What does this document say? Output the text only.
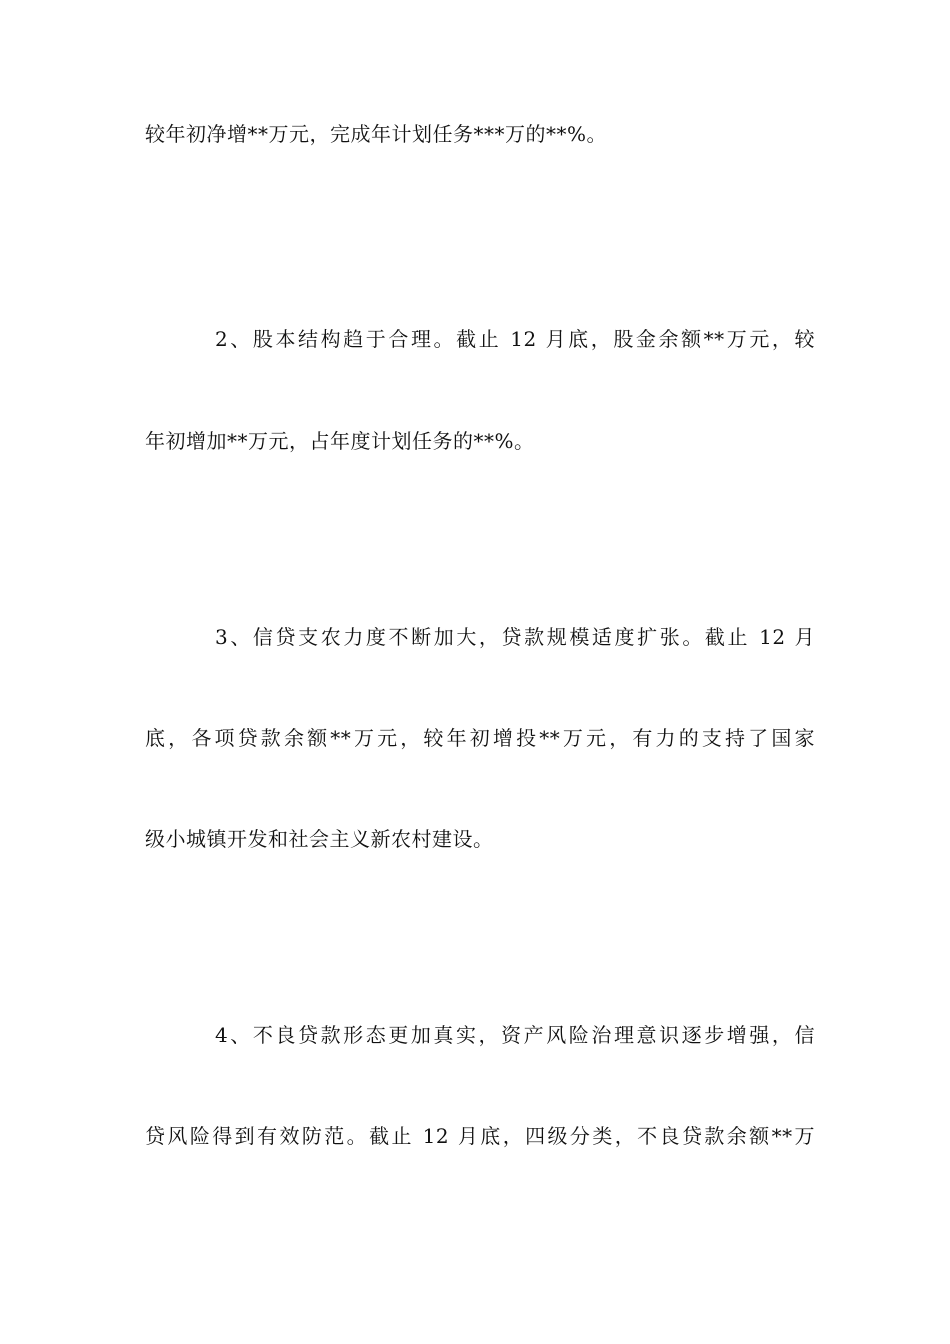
较年初净增**万元，完成年计划任务***万的**%。
2、股本结构趋于合理。截止 12 月底，股金余额**万元，较
年初增加**万元，占年度计划任务的**%。
3、信贷支农力度不断加大，贷款规模适度扩张。截止 12 月
底，各项贷款余额**万元，较年初增投**万元，有力的支持了国家
级小城镇开发和社会主义新农村建设。
4、不良贷款形态更加真实，资产风险治理意识逐步增强，信
贷风险得到有效防范。截止 12 月底，四级分类，不良贷款余额**万
